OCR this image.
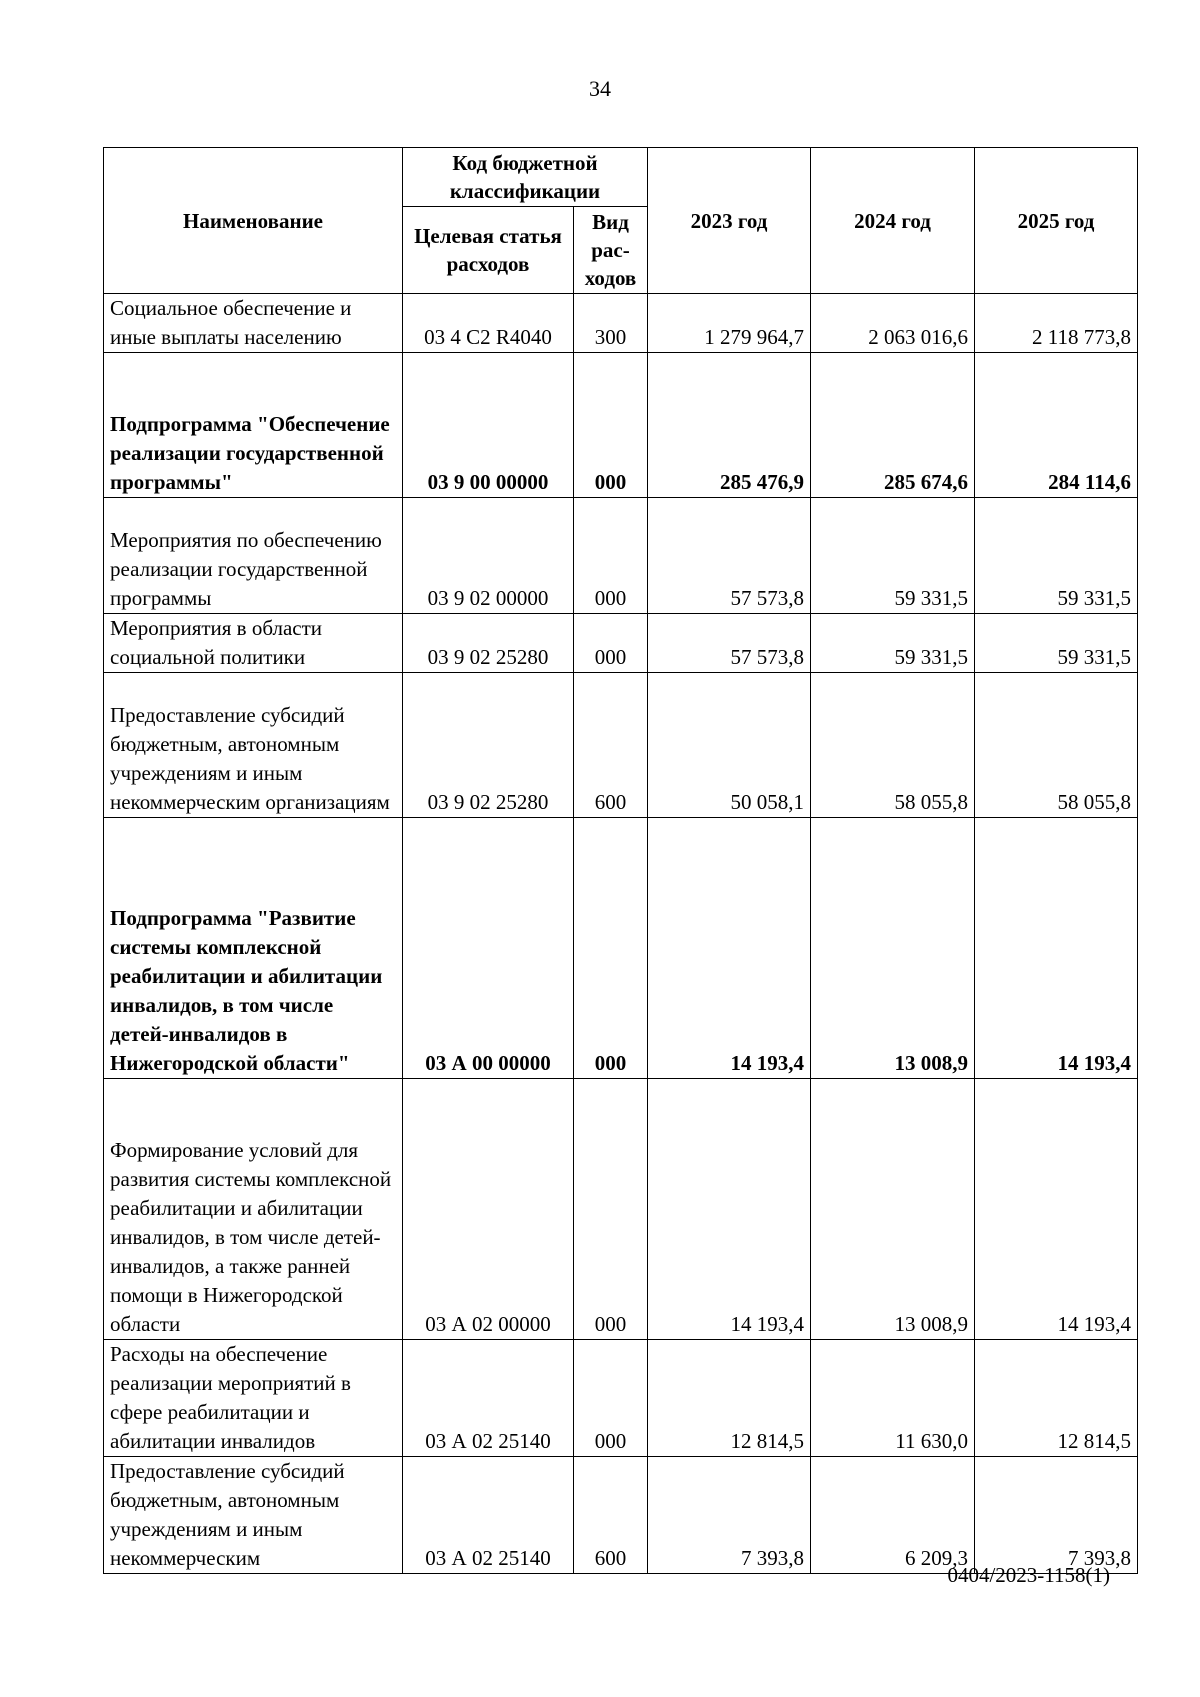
34
Наименование	Код бюджетной классификации		2023 год	2024 год	2025 год
	Целевая статья расходов	Вид рас-ходов			
Социальное обеспечение и иные выплаты населению	03 4 C2 R4040	300	1 279 964,7	2 063 016,6	2 118 773,8
Подпрограмма "Обеспечение реализации государственной программы"	03 9 00 00000	000	285 476,9	285 674,6	284 114,6
Мероприятия по обеспечению реализации государственной программы	03 9 02 00000	000	57 573,8	59 331,5	59 331,5
Мероприятия в области социальной политики	03 9 02 25280	000	57 573,8	59 331,5	59 331,5
Предоставление субсидий бюджетным, автономным учреждениям и иным некоммерческим организациям	03 9 02 25280	600	50 058,1	58 055,8	58 055,8
Подпрограмма "Развитие системы комплексной реабилитации и абилитации инвалидов, в том числе детей-инвалидов в Нижегородской области"	03 А 00 00000	000	14 193,4	13 008,9	14 193,4
Формирование условий для развития системы комплексной реабилитации и абилитации инвалидов, в том числе детей-инвалидов, а также ранней помощи в Нижегородской области	03 А 02 00000	000	14 193,4	13 008,9	14 193,4
Расходы на обеспечение реализации мероприятий в сфере реабилитации и абилитации инвалидов	03 А 02 25140	000	12 814,5	11 630,0	12 814,5
Предоставление субсидий бюджетным, автономным учреждениям и иным некоммерческим	03 А 02 25140	600	7 393,8	6 209,3	7 393,8
0404/2023-1158(1)
